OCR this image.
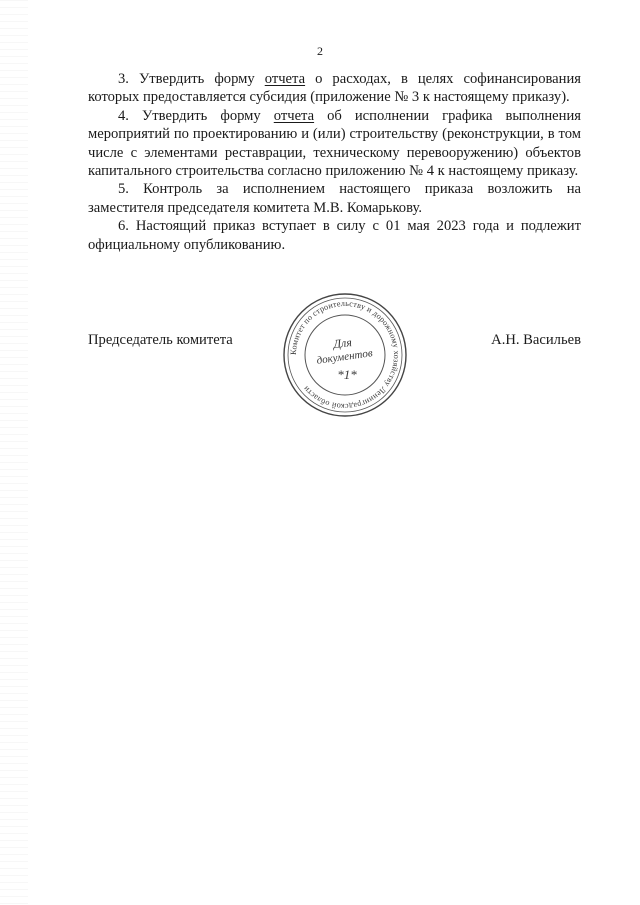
2

3. Утвердить форму отчета о расходах, в целях софинансирования которых предоставляется субсидия (приложение № 3 к настоящему приказу).

4. Утвердить форму отчета об исполнении графика выполнения мероприятий по проектированию и (или) строительству (реконструкции, в том числе с элементами реставрации, техническому перевооружению) объектов капитального строительства согласно приложению № 4 к настоящему приказу.

5. Контроль за исполнением настоящего приказа возложить на заместителя председателя комитета М.В. Комарькову.

6. Настоящий приказ вступает в силу с 01 мая 2023 года и подлежит официальному опубликованию.

Комитет по строительству и дорожному хозяйству Ленинградской области
Для
документов
*1*
Председатель комитета	А.Н. Васильев
